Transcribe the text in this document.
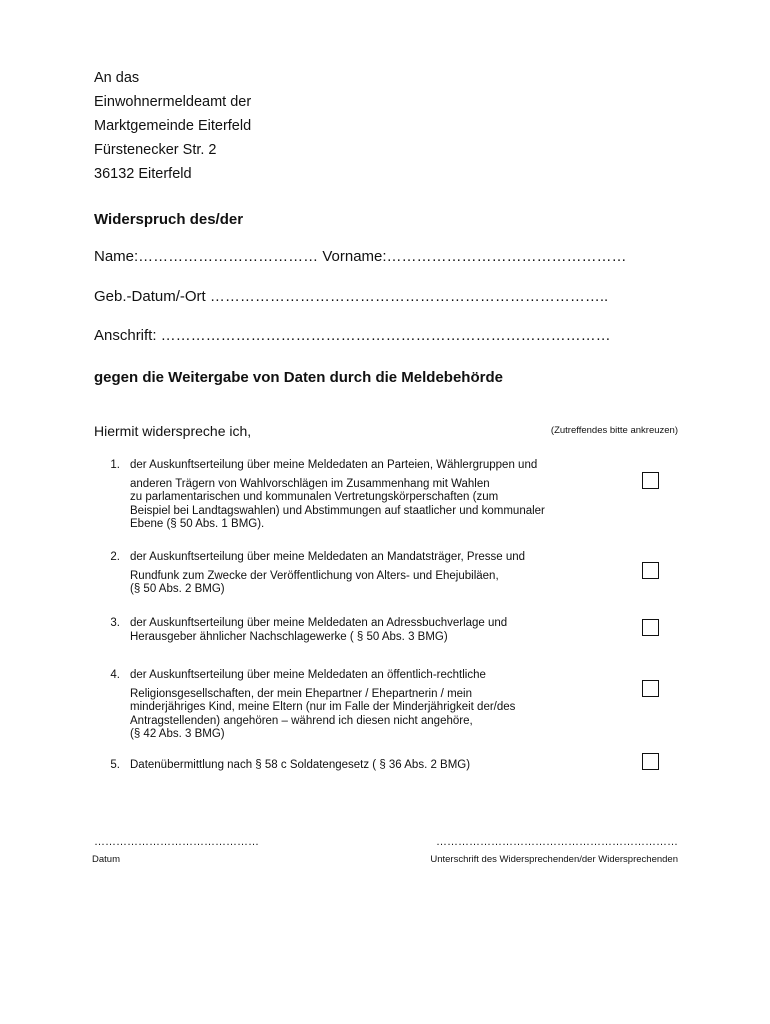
An das
Einwohnermeldeamt der
Marktgemeinde Eiterfeld
Fürstenecker Str. 2
36132 Eiterfeld
Widerspruch des/der
Name:……………………………… Vorname:…………………………………………
Geb.-Datum/-Ort ……………………………………………………………………..
Anschrift: ………………………………………………………………………………
gegen die Weitergabe von Daten durch die Meldebehörde
Hiermit widerspreche ich,	(Zutreffendes bitte ankreuzen)
1. der Auskunftserteilung über meine Meldedaten an Parteien, Wählergruppen und
anderen Trägern von Wahlvorschlägen im Zusammenhang mit Wahlen
zu parlamentarischen und kommunalen Vertretungskörperschaften (zum
Beispiel bei Landtagswahlen) und Abstimmungen auf staatlicher und kommunaler
Ebene (§ 50 Abs. 1 BMG).
2. der Auskunftserteilung über meine Meldedaten an Mandatsträger, Presse und
Rundfunk zum Zwecke der Veröffentlichung von Alters- und Ehejubiläen,
(§ 50 Abs. 2 BMG)
3. der Auskunftserteilung über meine Meldedaten an Adressbuchverlage und
Herausgeber ähnlicher Nachschlagewerke ( § 50 Abs. 3 BMG)
4. der Auskunftserteilung über meine Meldedaten an öffentlich-rechtliche
Religionsgesellschaften, der mein Ehepartner / Ehepartnerin / mein
minderjähriges Kind, meine Eltern (nur im Falle der Minderjährigkeit der/des
Antragstellenden) angehören – während ich diesen nicht angehöre,
(§ 42 Abs. 3 BMG)
5. Datenübermittlung nach § 58 c Soldatengesetz ( § 36 Abs. 2 BMG)
………………………………………
Datum
…………………………………………………………
Unterschrift des Widersprechenden/der Widersprechenden
